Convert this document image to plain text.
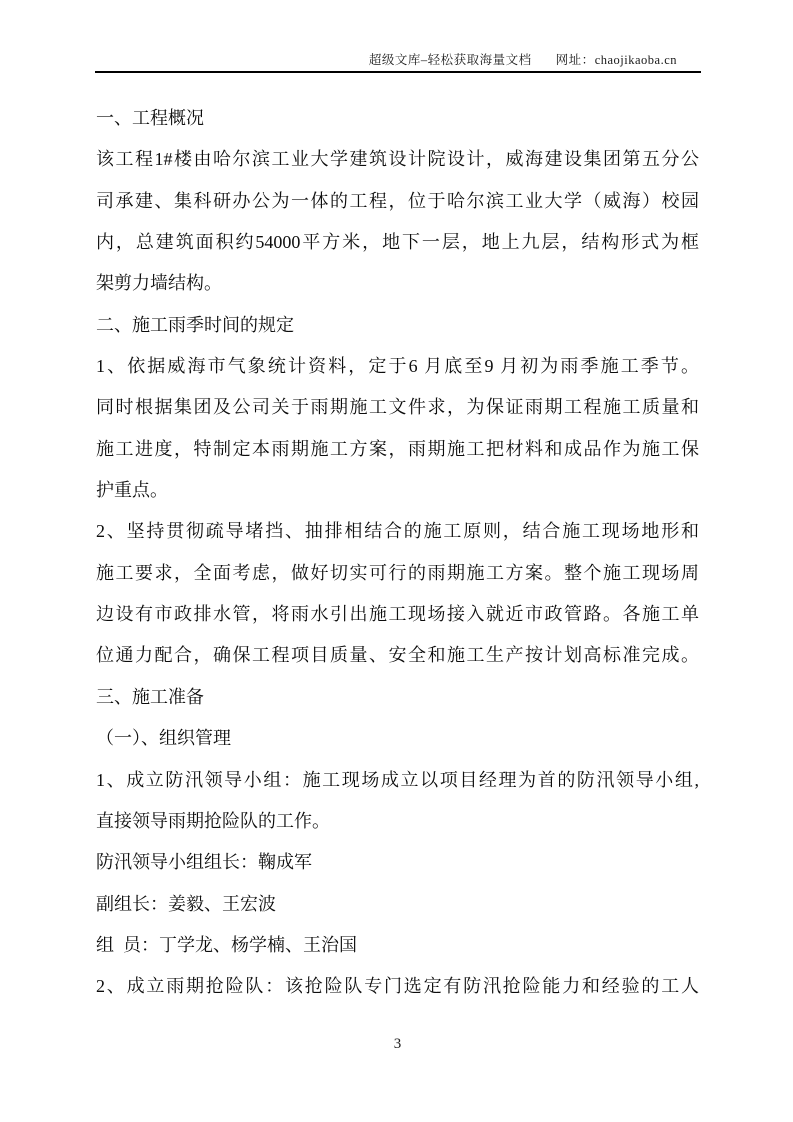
超级文库–轻松获取海量文档 网址：chaojikaoba.cn
一、工程概况
该工程1#楼由哈尔滨工业大学建筑设计院设计，威海建设集团第五分公
司承建、集科研办公为一体的工程，位于哈尔滨工业大学（威海）校园
内，总建筑面积约54000平方米，地下一层，地上九层，结构形式为框
架剪力墙结构。
二、施工雨季时间的规定
1、依据威海市气象统计资料，定于6 月底至9 月初为雨季施工季节。
同时根据集团及公司关于雨期施工文件求，为保证雨期工程施工质量和
施工进度，特制定本雨期施工方案，雨期施工把材料和成品作为施工保
护重点。
2、坚持贯彻疏导堵挡、抽排相结合的施工原则，结合施工现场地形和
施工要求，全面考虑，做好切实可行的雨期施工方案。整个施工现场周
边设有市政排水管，将雨水引出施工现场接入就近市政管路。各施工单
位通力配合，确保工程项目质量、安全和施工生产按计划高标准完成。
三、施工准备
（一）、组织管理
1、成立防汛领导小组：施工现场成立以项目经理为首的防汛领导小组,
直接领导雨期抢险队的工作。
防汛领导小组组长：鞠成军
副组长：姜毅、王宏波
组 员：丁学龙、杨学楠、王治国
2、成立雨期抢险队：该抢险队专门选定有防汛抢险能力和经验的工人
3
